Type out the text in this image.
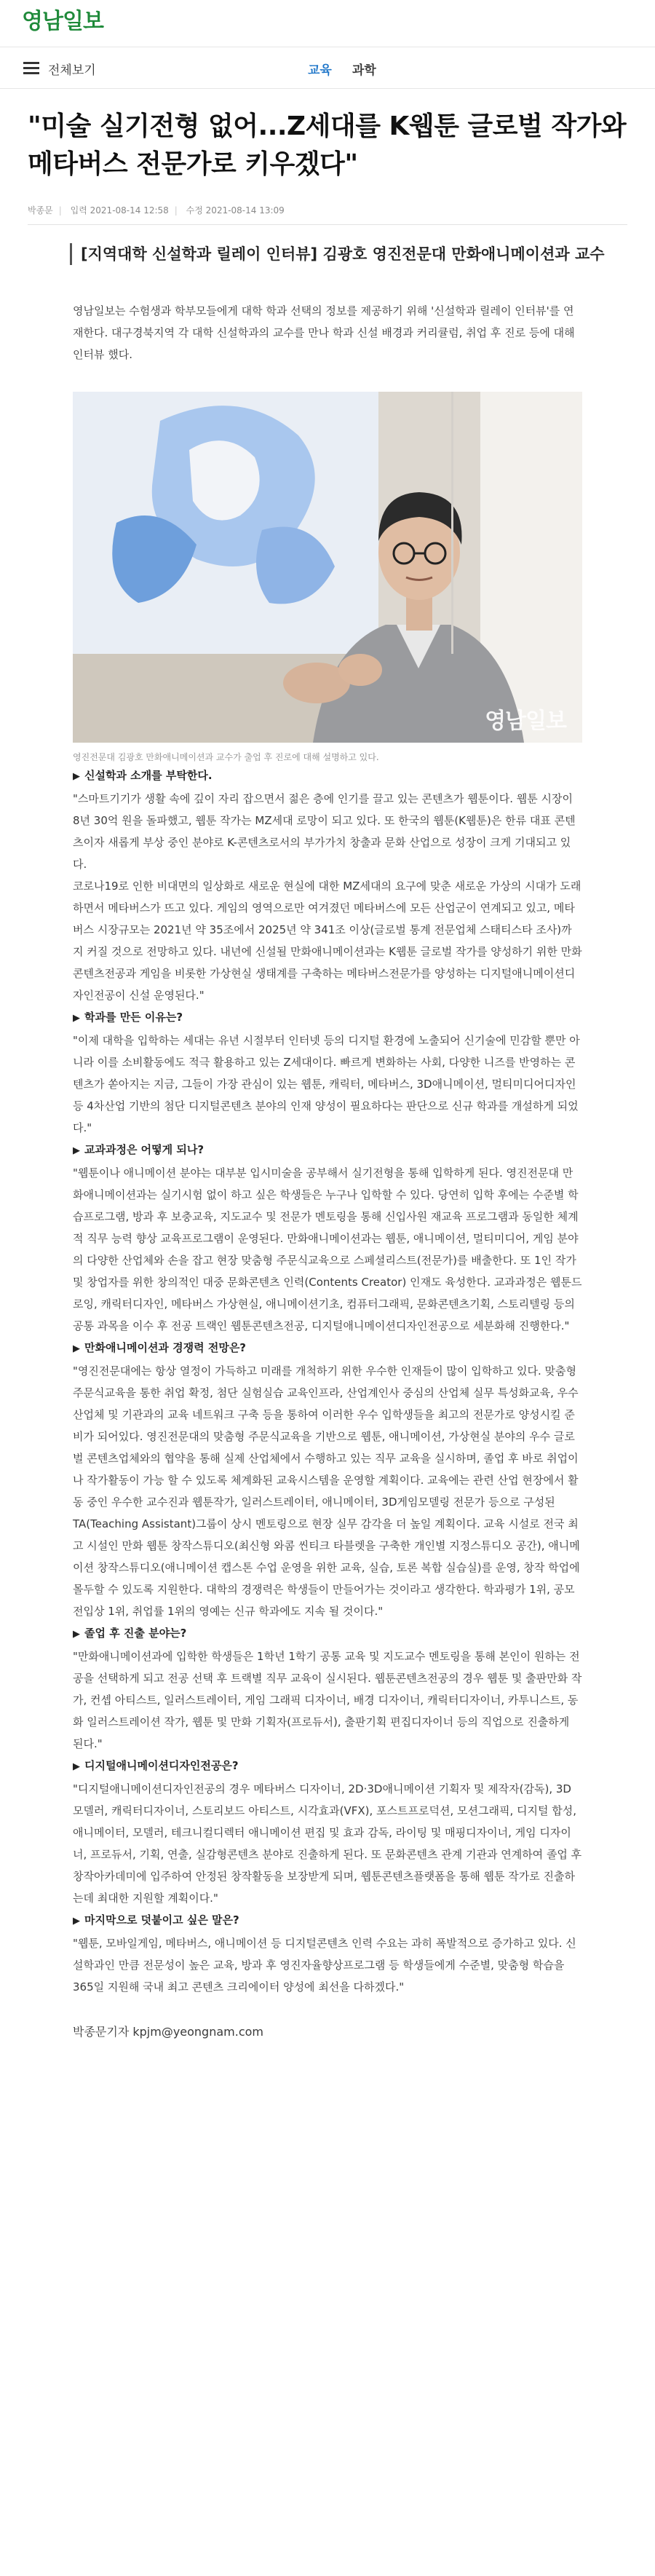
영남일보
전체보기	교육 과학
"미술 실기전형 없어...Z세대를 K웹툰 글로벌 작가와 메타버스 전문가로 키우겠다"
박종문 | 입력 2021-08-14 12:58 | 수정 2021-08-14 13:09
[지역대학 신설학과 릴레이 인터뷰] 김광호 영진전문대 만화애니메이션과 교수

영남일보는 수험생과 학부모들에게 대학 학과 선택의 정보를 제공하기 위해 '신설학과 릴레이 인터뷰'를 연재한다. 대구경북지역 각 대학 신설학과의 교수를 만나 학과 신설 배경과 커리큘럼, 취업 후 진로 등에 대해 인터뷰 했다.

영남일보
영진전문대 김광호 만화애니메이션과 교수가 출업 후 진로에 대해 설명하고 있다.

▶ 신설학과 소개를 부탁한다.

"스마트기기가 생활 속에 깊이 자리 잡으면서 젊은 층에 인기를 끌고 있는 콘텐츠가 웹툰이다. 웹툰 시장이 8년 30억 원을 돌파했고, 웹툰 작가는 MZ세대 로망이 되고 있다. 또 한국의 웹툰(K웹툰)은 한류 대표 콘텐츠이자 새롭게 부상 중인 분야로 K-콘텐츠로서의 부가가치 창출과 문화 산업으로 성장이 크게 기대되고 있다.
코로나19로 인한 비대면의 일상화로 새로운 현실에 대한 MZ세대의 요구에 맞춘 새로운 가상의 시대가 도래하면서 메타버스가 뜨고 있다. 게임의 영역으로만 여겨졌던 메타버스에 모든 산업군이 연계되고 있고, 메타버스 시장규모는 2021년 약 35조에서 2025년 약 341조 이상(글로벌 통계 전문업체 스태티스타 조사)까지 커질 것으로 전망하고 있다. 내년에 신설될 만화애니메이션과는 K웹툰 글로벌 작가를 양성하기 위한 만화콘텐츠전공과 게임을 비롯한 가상현실 생태계를 구축하는 메타버스전문가를 양성하는 디지털애니메이션디자인전공이 신설 운영된다."

▶ 학과를 만든 이유는?

"이제 대학을 입학하는 세대는 유년 시절부터 인터넷 등의 디지털 환경에 노출되어 신기술에 민감할 뿐만 아니라 이를 소비활동에도 적극 활용하고 있는 Z세대이다. 빠르게 변화하는 사회, 다양한 니즈를 반영하는 콘텐츠가 쏟아지는 지금, 그들이 가장 관심이 있는 웹툰, 캐릭터, 메타버스, 3D애니메이션, 멀티미디어디자인 등 4차산업 기반의 첨단 디지털콘텐츠 분야의 인재 양성이 필요하다는 판단으로 신규 학과를 개설하게 되었다."

▶ 교과과정은 어떻게 되나?

"웹툰이나 애니메이션 분야는 대부분 입시미술을 공부해서 실기전형을 통해 입학하게 된다. 영진전문대 만화애니메이션과는 실기시험 없이 하고 싶은 학생들은 누구나 입학할 수 있다. 당연히 입학 후에는 수준별 학습프로그램, 방과 후 보충교육, 지도교수 및 전문가 멘토링을 통해 신입사원 재교육 프로그램과 동일한 체계적 직무 능력 향상 교육프로그램이 운영된다. 만화애니메이션과는 웹툰, 애니메이션, 멀티미디어, 게임 분야의 다양한 산업체와 손을 잡고 현장 맞춤형 주문식교육으로 스페셜리스트(전문가)를 배출한다. 또 1인 작가 및 창업자를 위한 창의적인 대중 문화콘텐츠 인력(Contents Creator) 인재도 육성한다. 교과과정은 웹툰드로잉, 캐릭터디자인, 메타버스 가상현실, 애니메이션기초, 컴퓨터그래픽, 문화콘텐츠기획, 스토리텔링 등의 공통 과목을 이수 후 전공 트랙인 웹툰콘텐츠전공, 디지털애니메이션디자인전공으로 세분화해 진행한다."

▶ 만화애니메이션과 경쟁력 전망은?

"영진전문대에는 항상 열정이 가득하고 미래를 개척하기 위한 우수한 인재들이 많이 입학하고 있다. 맞춤형주문식교육을 통한 취업 확정, 첨단 실험실습 교육인프라, 산업계인사 중심의 산업체 실무 특성화교육, 우수 산업체 및 기관과의 교육 네트워크 구축 등을 통하여 이러한 우수 입학생들을 최고의 전문가로 양성시킬 준비가 되어있다. 영진전문대의 맞춤형 주문식교육을 기반으로 웹툰, 애니메이션, 가상현실 분야의 우수 글로벌 콘텐츠업체와의 협약을 통해 실제 산업체에서 수행하고 있는 직무 교육을 실시하며, 졸업 후 바로 취업이나 작가활동이 가능 할 수 있도록 체계화된 교육시스템을 운영할 계획이다. 교육에는 관련 산업 현장에서 활동 중인 우수한 교수진과 웹툰작가, 일러스트레이터, 애니메이터, 3D게임모델링 전문가 등으로 구성된 TA(Teaching Assistant)그룹이 상시 멘토링으로 현장 실무 감각을 더 높일 계획이다. 교육 시설로 전국 최고 시설인 만화 웹툰 창작스튜디오(최신형 와콤 씬티크 타블렛을 구축한 개인별 지정스튜디오 공간), 애니메이션 창작스튜디오(애니메이션 캡스톤 수업 운영을 위한 교육, 실습, 토론 복합 실습실)를 운영, 창작 학업에 몰두할 수 있도록 지원한다. 대학의 경쟁력은 학생들이 만들어가는 것이라고 생각한다. 학과평가 1위, 공모전입상 1위, 취업률 1위의 영예는 신규 학과에도 지속 될 것이다."

▶ 졸업 후 진출 분야는?

"만화애니메이션과에 입학한 학생들은 1학년 1학기 공통 교육 및 지도교수 멘토링을 통해 본인이 원하는 전공을 선택하게 되고 전공 선택 후 트랙별 직무 교육이 실시된다. 웹툰콘텐츠전공의 경우 웹툰 및 출판만화 작가, 컨셉 아티스트, 일러스트레이터, 게임 그래픽 디자이너, 배경 디자이너, 캐릭터디자이너, 카투니스트, 동화 일러스트레이션 작가, 웹툰 및 만화 기획자(프로듀서), 출판기획 편집디자이너 등의 직업으로 진출하게 된다."

▶ 디지털애니메이션디자인전공은?

"디지털애니메이션디자인전공의 경우 메타버스 디자이너, 2D·3D애니메이션 기획자 및 제작자(감독), 3D 모델러, 캐릭터디자이너, 스토리보드 아티스트, 시각효과(VFX), 포스트프로덕션, 모션그래픽, 디지털 합성, 애니메이터, 모델러, 테크니컬디렉터 애니메이션 편집 및 효과 감독, 라이팅 및 매핑디자이너, 게임 디자이너, 프로듀서, 기획, 연출, 실감형콘텐츠 분야로 진출하게 된다. 또 문화콘텐츠 관계 기관과 연계하여 졸업 후 창작아카데미에 입주하여 안정된 창작활동을 보장받게 되며, 웹툰콘텐츠플랫폼을 통해 웹툰 작가로 진출하는데 최대한 지원할 계획이다."

▶ 마지막으로 덧붙이고 싶은 말은?

"웹툰, 모바일게임, 메타버스, 애니메이션 등 디지털콘텐츠 인력 수요는 과히 폭발적으로 증가하고 있다. 신설학과인 만큼 전문성이 높은 교육, 방과 후 영진자율향상프로그램 등 학생들에게 수준별, 맞춤형 학습을 365일 지원해 국내 최고 콘텐츠 크리에이터 양성에 최선을 다하겠다."

박종문기자 kpjm@yeongnam.com
